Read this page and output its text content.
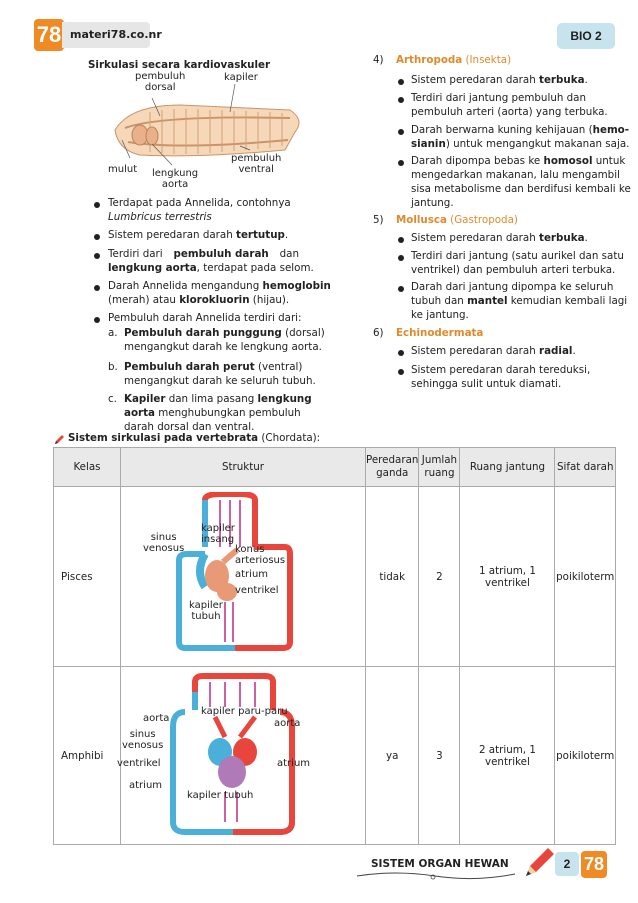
78 materi78.co.nr	BIO 2
Sirkulasi secara kardiovaskuler
pembuluh
dorsal
kapiler
mulut lengkung
aorta
pembuluh
ventral
Terdapat pada Annelida, contohnya
Lumbricus terrestris
Sistem peredaran darah tertutup.
Terdiri dari pembuluh darah dan
lengkung aorta, terdapat pada selom.
Darah Annelida mengandung hemoglobin
(merah) atau klorokluorin (hijau).
Pembuluh darah Annelida terdiri dari:
a. Pembuluh darah punggung (dorsal)
mengangkut darah ke lengkung aorta.
b. Pembuluh darah perut (ventral)
mengangkut darah ke seluruh tubuh.
c. Kapiler dan lima pasang lengkung
aorta menghubungkan pembuluh
darah dorsal dan ventral.
4) Arthropoda (Insekta)
Sistem peredaran darah terbuka.
Terdiri dari jantung pembuluh dan
pembuluh arteri (aorta) yang terbuka.
Darah berwarna kuning kehijauan (hemo-
sianin) untuk mengangkut makanan saja.
Darah dipompa bebas ke homosol untuk
mengedarkan makanan, lalu mengambil
sisa metabolisme dan berdifusi kembali ke
jantung.
5) Mollusca (Gastropoda)
Sistem peredaran darah terbuka.
Terdiri dari jantung (satu aurikel dan satu
ventrikel) dan pembuluh arteri terbuka.
Darah dari jantung dipompa ke seluruh
tubuh dan mantel kemudian kembali lagi
ke jantung.
6) Echinodermata
Sistem peredaran darah radial.
Sistem peredaran darah tereduksi,
sehingga sulit untuk diamati.
Sistem sirkulasi pada vertebrata (Chordata):
Kelas	Struktur	Peredaran ganda	Jumlah ruang	Ruang jantung	Sifat darah
Pisces		tidak	2	1 atrium, 1 ventrikel	poikiloterm
Amphibi		ya	3	2 atrium, 1 ventrikel	poikiloterm
kapiler
insang
sinus
venosus	konus
arteriosus
atrium
ventrikel
kapiler
tubuh
kapiler paru-paru
aorta	aorta
sinus
venosus
ventrikel	atrium
atrium
kapiler tubuh
SISTEM ORGAN HEWAN	2 78
